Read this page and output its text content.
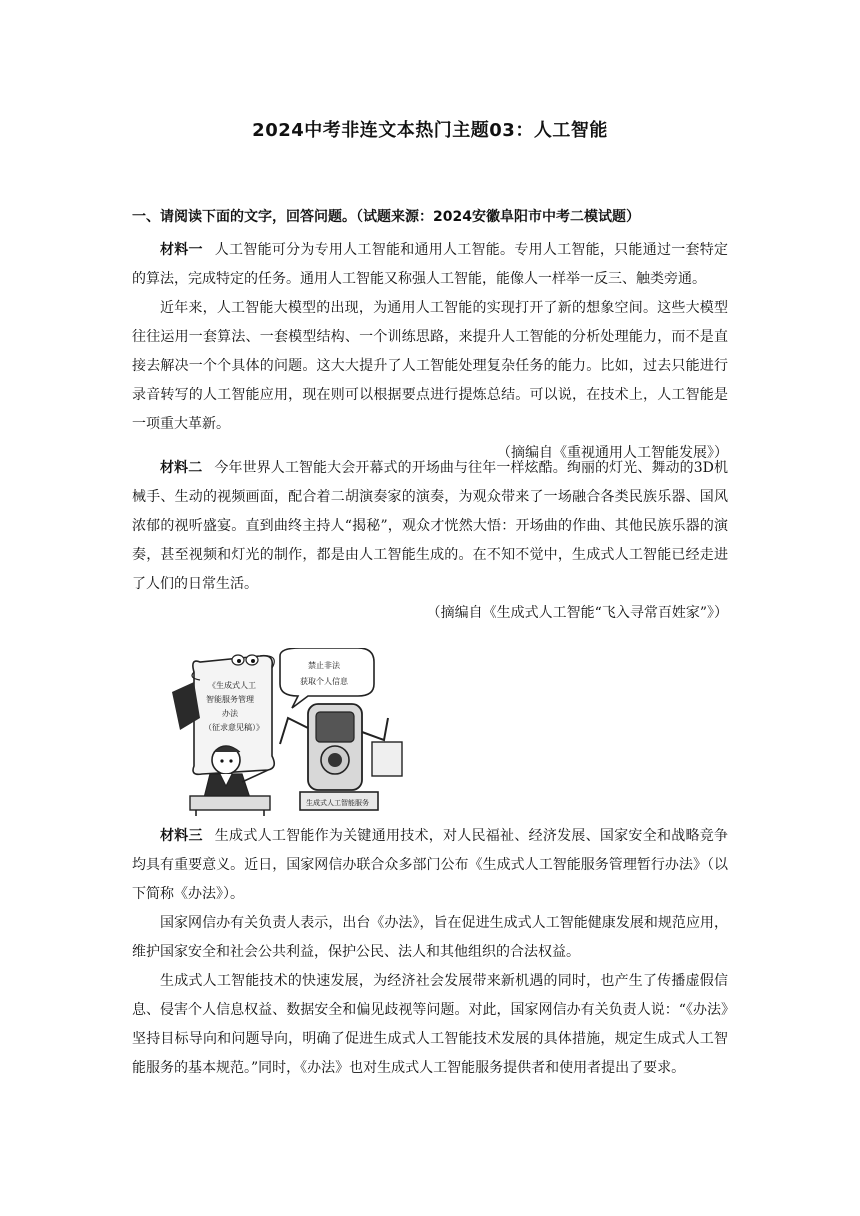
2024中考非连文本热门主题03：人工智能
一、请阅读下面的文字，回答问题。（试题来源：2024安徽阜阳市中考二模试题）

材料一 人工智能可分为专用人工智能和通用人工智能。专用人工智能，只能通过一套特定的算法，完成特定的任务。通用人工智能又称强人工智能，能像人一样举一反三、触类旁通。

近年来，人工智能大模型的出现，为通用人工智能的实现打开了新的想象空间。这些大模型往往运用一套算法、一套模型结构、一个训练思路，来提升人工智能的分析处理能力，而不是直接去解决一个个具体的问题。这大大提升了人工智能处理复杂任务的能力。比如，过去只能进行录音转写的人工智能应用，现在则可以根据要点进行提炼总结。可以说，在技术上，人工智能是一项重大革新。

（摘编自《重视通用人工智能发展》）

材料二 今年世界人工智能大会开幕式的开场曲与往年一样炫酷。绚丽的灯光、舞动的3D机械手、生动的视频画面，配合着二胡演奏家的演奏，为观众带来了一场融合各类民族乐器、国风浓郁的视听盛宴。直到曲终主持人“揭秘”，观众才恍然大悟：开场曲的作曲、其他民族乐器的演奏，甚至视频和灯光的制作，都是由人工智能生成的。在不知不觉中，生成式人工智能已经走进了人们的日常生活。

（摘编自《生成式人工智能“飞入寻常百姓家”》）

《生成式人工
智能服务管理
办法
（征求意见稿）》
禁止非法
获取个人信息
生成式人工智能服务

材料三 生成式人工智能作为关键通用技术，对人民福祉、经济发展、国家安全和战略竞争均具有重要意义。近日，国家网信办联合众多部门公布《生成式人工智能服务管理暂行办法》（以下简称《办法》）。

国家网信办有关负责人表示，出台《办法》，旨在促进生成式人工智能健康发展和规范应用，维护国家安全和社会公共利益，保护公民、法人和其他组织的合法权益。

生成式人工智能技术的快速发展，为经济社会发展带来新机遇的同时，也产生了传播虚假信息、侵害个人信息权益、数据安全和偏见歧视等问题。对此，国家网信办有关负责人说：“《办法》坚持目标导向和问题导向，明确了促进生成式人工智能技术发展的具体措施，规定生成式人工智能服务的基本规范。”同时，《办法》也对生成式人工智能服务提供者和使用者提出了要求。
